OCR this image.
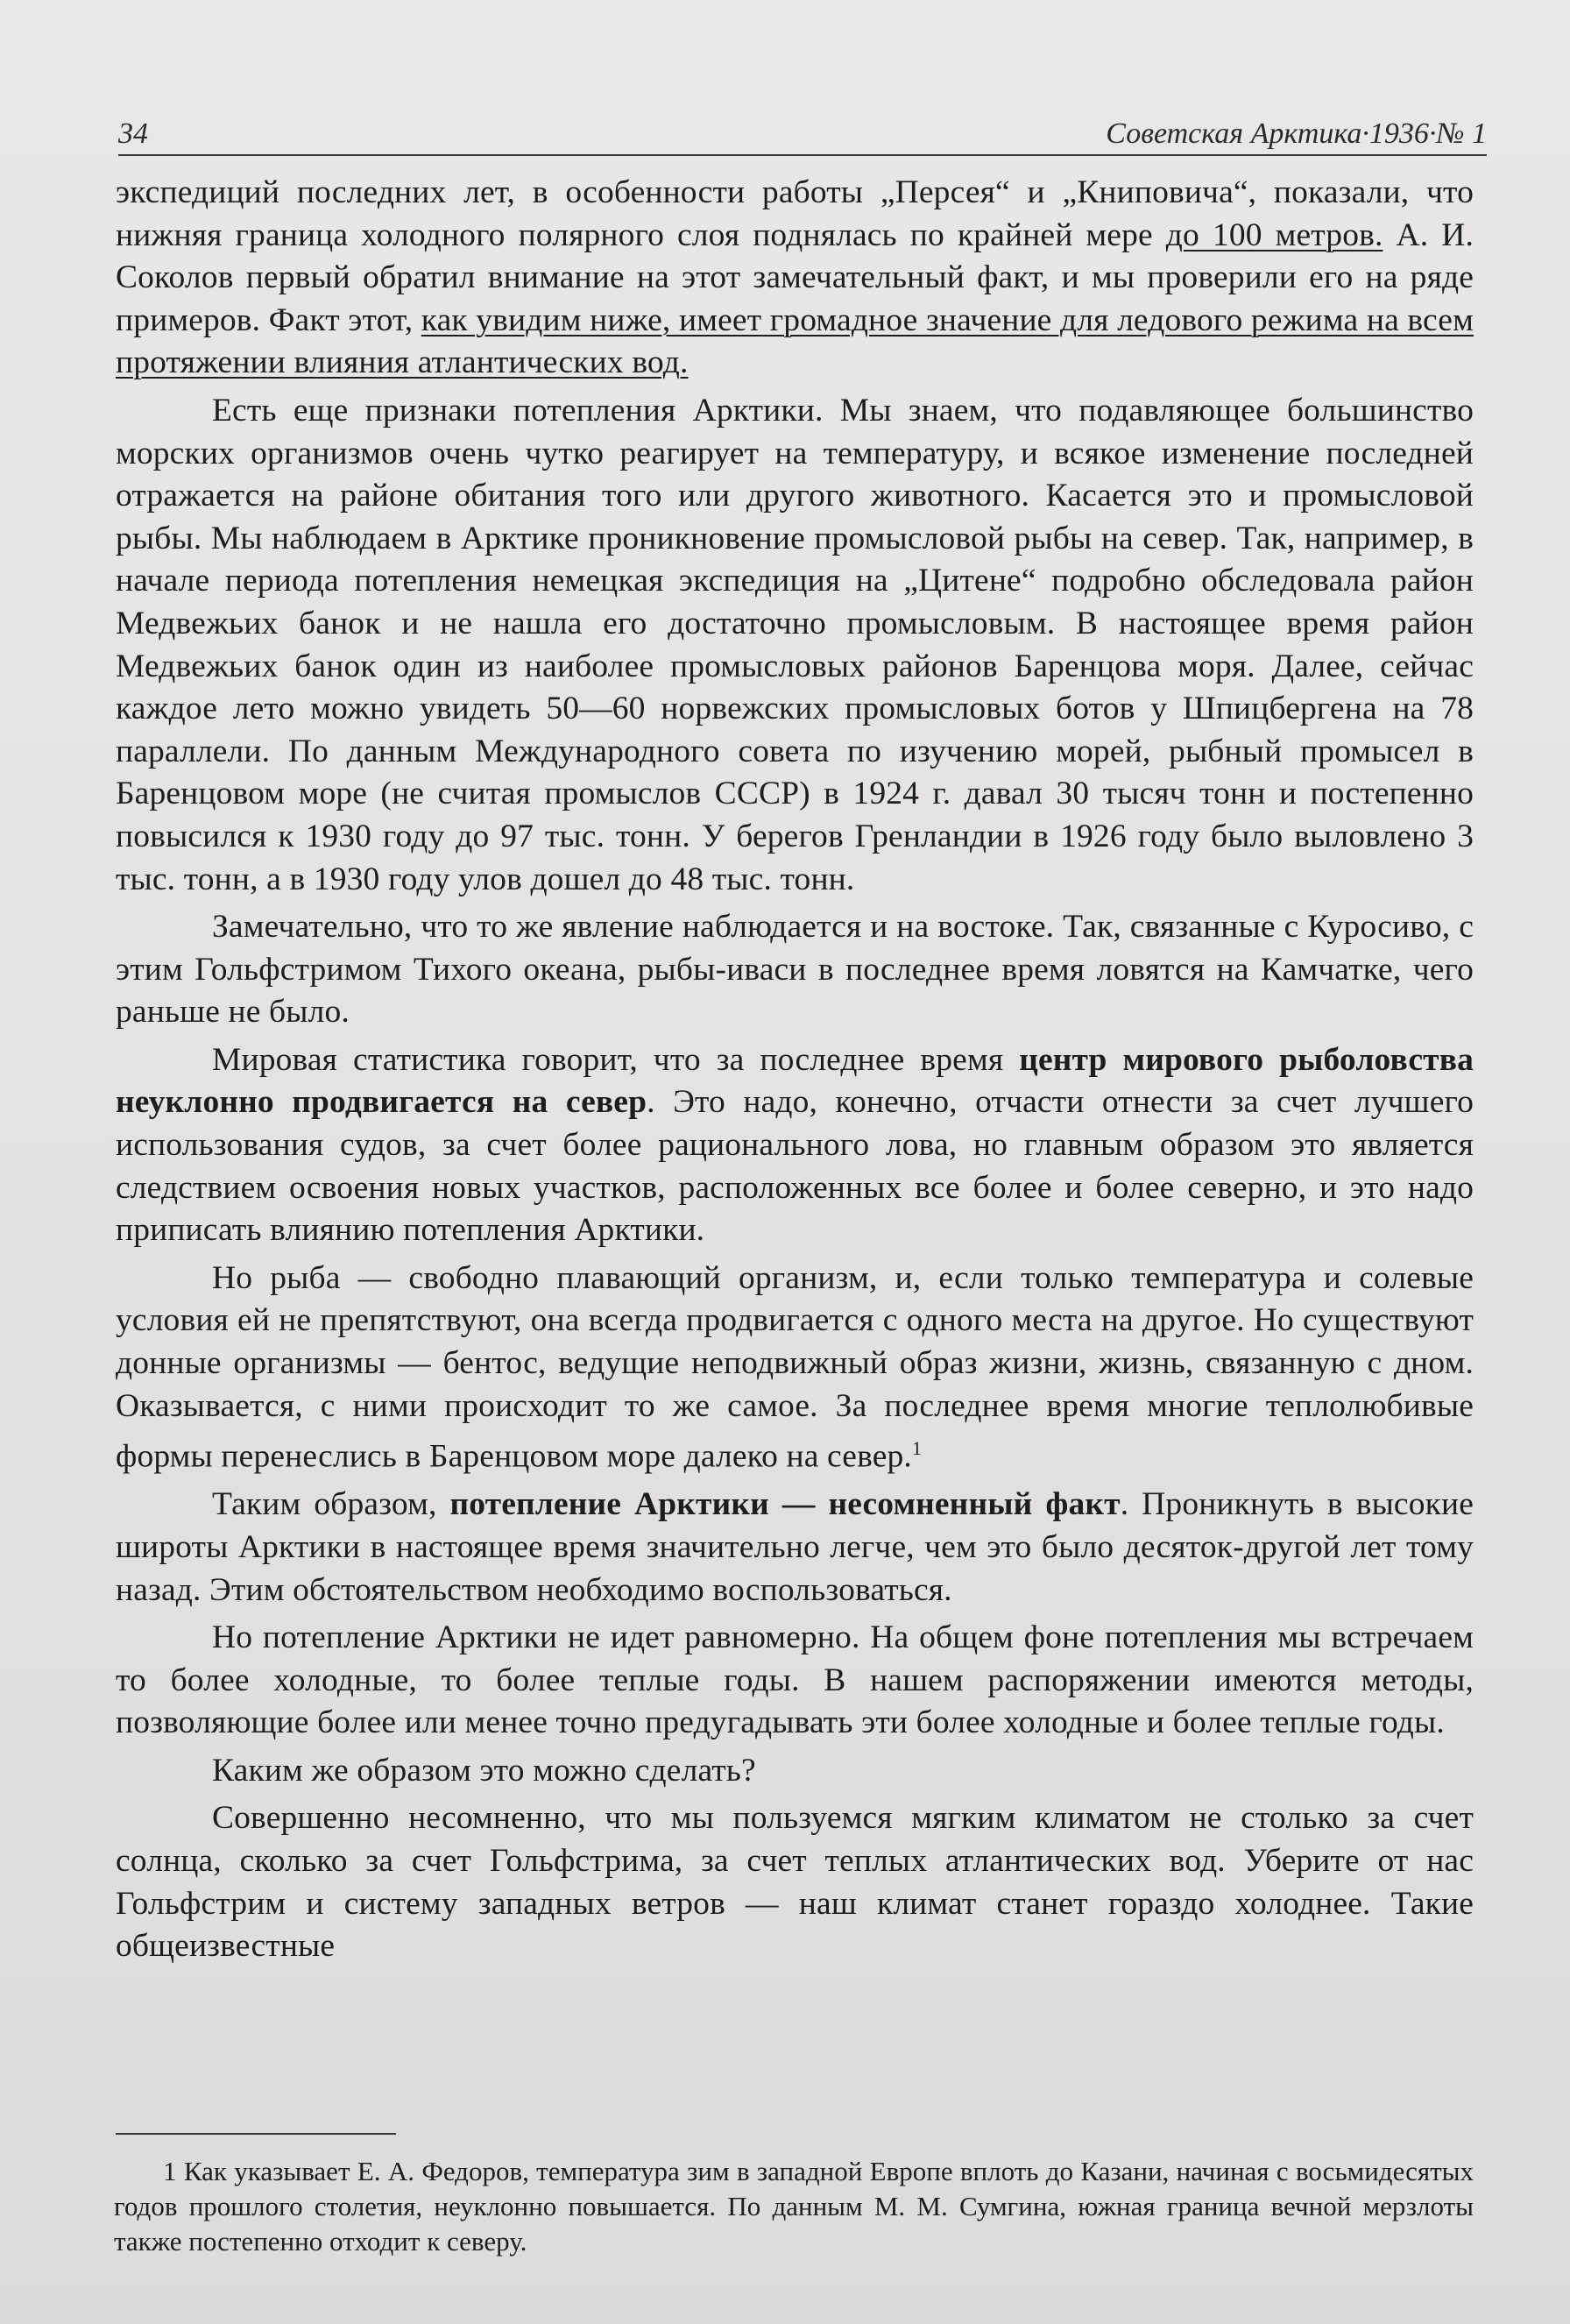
34	Советская Арктика·1936·№ 1

экспедиций последних лет, в особенности работы „Персея“ и „Книповича“, показали, что нижняя граница холодного полярного слоя поднялась по крайней мере до 100 метров. А. И. Соколов первый обратил внимание на этот замечательный факт, и мы проверили его на ряде примеров. Факт этот, как увидим ниже, имеет громадное значение для ледового режима на всем протяжении влияния атлантических вод.

Есть еще признаки потепления Арктики. Мы знаем, что подавляющее большинство морских организмов очень чутко реагирует на температуру, и всякое изменение последней отражается на районе обитания того или другого животного. Касается это и промысловой рыбы. Мы наблюдаем в Арктике проникновение промысловой рыбы на север. Так, например, в начале периода потепления немецкая экспедиция на „Цитене“ подробно обследовала район Медвежьих банок и не нашла его достаточно промысловым. В настоящее время район Медвежьих банок один из наиболее промысловых районов Баренцова моря. Далее, сейчас каждое лето можно увидеть 50—60 норвежских промысловых ботов у Шпицбергена на 78 параллели. По данным Международного совета по изучению морей, рыбный промысел в Баренцовом море (не считая промыслов СССР) в 1924 г. давал 30 тысяч тонн и постепенно повысился к 1930 году до 97 тыс. тонн. У берегов Гренландии в 1926 году было выловлено 3 тыс. тонн, а в 1930 году улов дошел до 48 тыс. тонн.

Замечательно, что то же явление наблюдается и на востоке. Так, связанные с Куросиво, с этим Гольфстримом Тихого океана, рыбы-иваси в последнее время ловятся на Камчатке, чего раньше не было.

Мировая статистика говорит, что за последнее время центр мирового рыболовства неуклонно продвигается на север. Это надо, конечно, отчасти отнести за счет лучшего использования судов, за счет более рационального лова, но главным образом это является следствием освоения новых участков, расположенных все более и более северно, и это надо приписать влиянию потепления Арктики.

Но рыба — свободно плавающий организм, и, если только температура и солевые условия ей не препятствуют, она всегда продвигается с одного места на другое. Но существуют донные организмы — бентос, ведущие неподвижный образ жизни, жизнь, связанную с дном. Оказывается, с ними происходит то же самое. За последнее время многие теплолюбивые формы перенеслись в Баренцовом море далеко на север.$^1$

Таким образом, потепление Арктики — несомненный факт. Проникнуть в высокие широты Арктики в настоящее время значительно легче, чем это было десяток-другой лет тому назад. Этим обстоятельством необходимо воспользоваться.

Но потепление Арктики не идет равномерно. На общем фоне потепления мы встречаем то более холодные, то более теплые годы. В нашем распоряжении имеются методы, позволяющие более или менее точно предугадывать эти более холодные и более теплые годы.

Каким же образом это можно сделать?

Совершенно несомненно, что мы пользуемся мягким климатом не столько за счет солнца, сколько за счет Гольфстрима, за счет теплых атлантических вод. Уберите от нас Гольфстрим и систему западных ветров — наш климат станет гораздо холоднее. Такие общеизвестные

1 Как указывает Е. А. Федоров, температура зим в западной Европе вплоть до Казани, начиная с восьмидесятых годов прошлого столетия, неуклонно повышается. По данным М. М. Сумгина, южная граница вечной мерзлоты также постепенно отходит к северу.
